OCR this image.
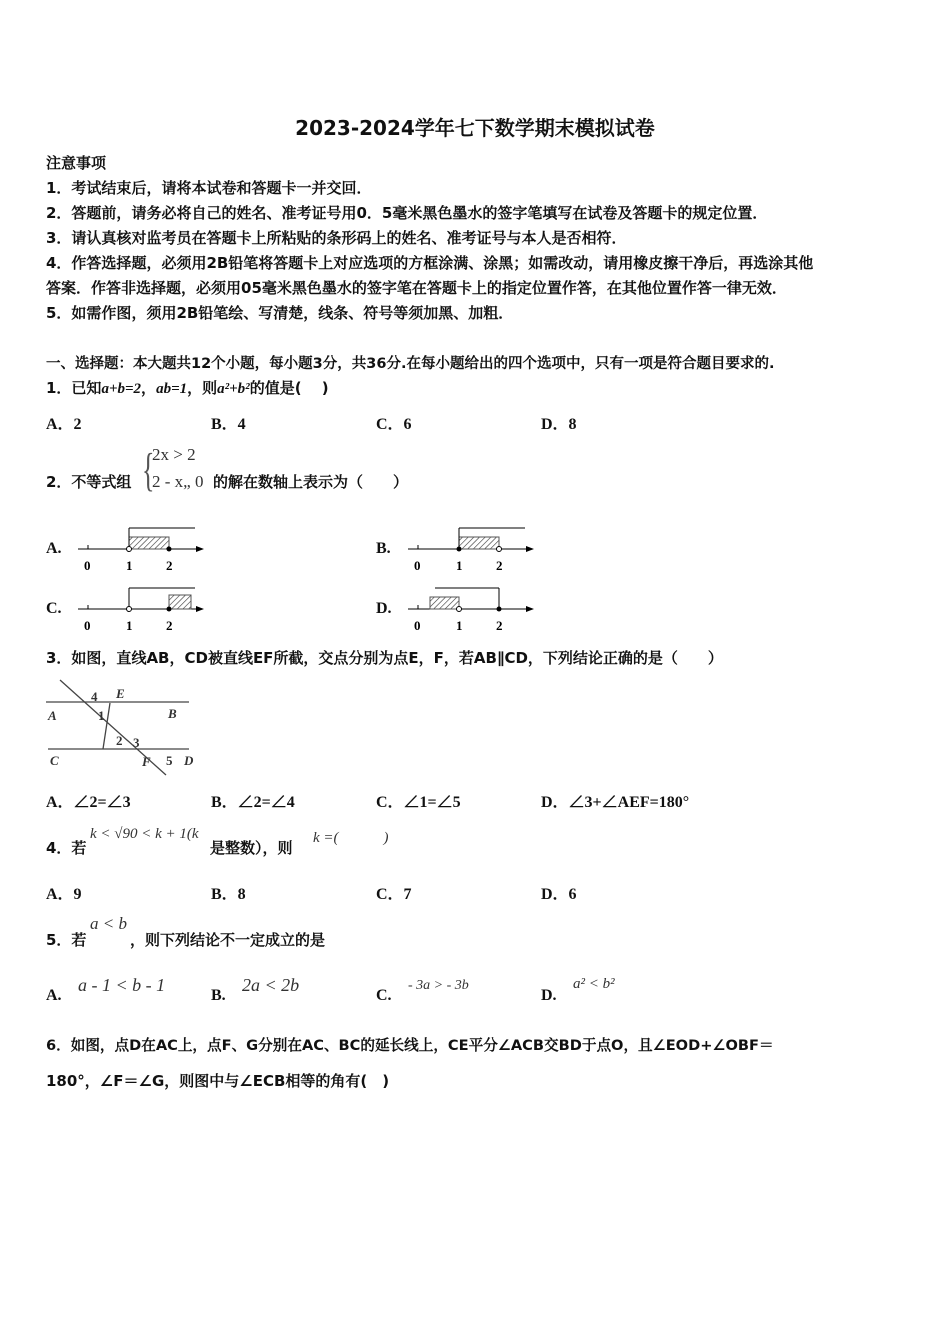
2023-2024学年七下数学期末模拟试卷
注意事项
1．考试结束后，请将本试卷和答题卡一并交回．
2．答题前，请务必将自己的姓名、准考证号用0．5毫米黑色墨水的签字笔填写在试卷及答题卡的规定位置．
3．请认真核对监考员在答题卡上所粘贴的条形码上的姓名、准考证号与本人是否相符．
4．作答选择题，必须用2B铅笔将答题卡上对应选项的方框涂满、涂黑；如需改动，请用橡皮擦干净后，再选涂其他
答案．作答非选择题，必须用05毫米黑色墨水的签字笔在答题卡上的指定位置作答，在其他位置作答一律无效．
5．如需作图，须用2B铅笔绘、写清楚，线条、符号等须加黑、加粗．
一、选择题：本大题共12个小题，每小题3分，共36分.在每小题给出的四个选项中，只有一项是符合题目要求的.
1．已知a+b=2，ab=1，则a²+b²的值是(　 )
A．2	B．4	C．6	D．8
2．不等式组 {
2x > 2
2 - x„ 0 的解在数轴上表示为（　　）
A.	B.
C.	D.
0	1	2	0	1	2
0	1	2	0	1	2
3．如图，直线AB，CD被直线EF所截，交点分别为点E，F，若AB∥CD，下列结论正确的是（　　）
A	B
C	D
E
F
1
2 3
4
5
A．∠2=∠3	B．∠2=∠4	C．∠1=∠5	D．∠3+∠AEF=180°
4．若
k < √90 < k + 1(k
是整数），则
k =(　　　)
A．9	B．8	C．7	D．6
5．若
a < b
，则下列结论不一定成立的是
A.
a - 1 < b - 1
B.
2a < 2b
C.
- 3a > - 3b
D.
a² < b²
6．如图，点D在AC上，点F、G分别在AC、BC的延长线上，CE平分∠ACB交BD于点O，且∠EOD+∠OBF＝
180°，∠F＝∠G，则图中与∠ECB相等的角有(　)
